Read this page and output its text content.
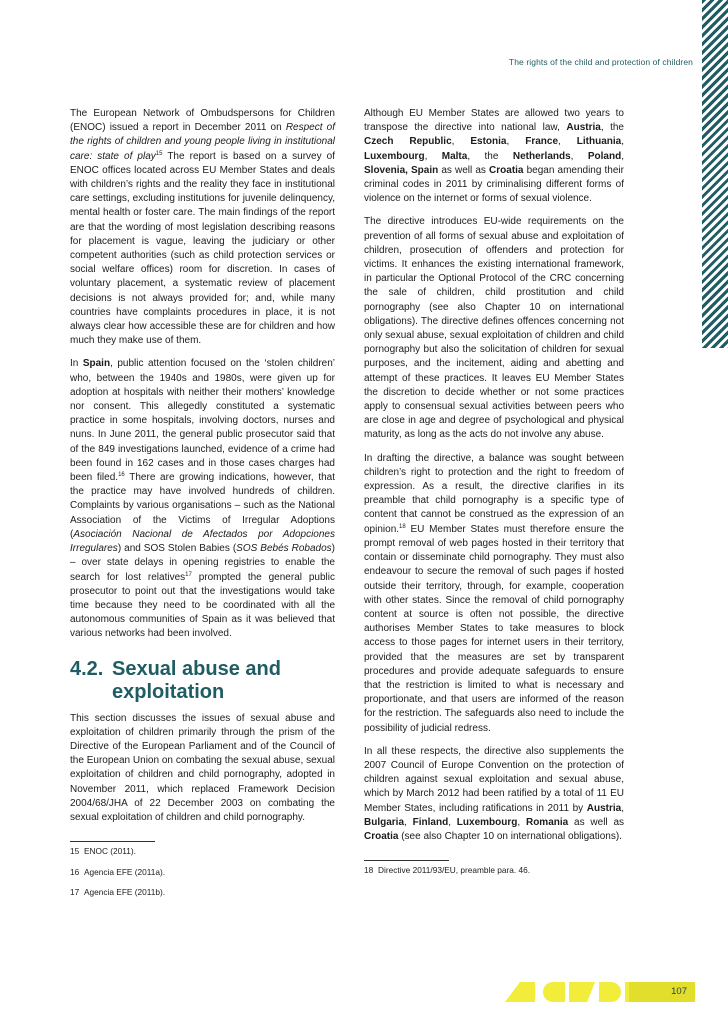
The rights of the child and protection of children

The European Network of Ombudspersons for Children (ENOC) issued a report in December 2011 on Respect of the rights of children and young people living in institutional care: state of play$^{15}$ The report is based on a survey of ENOC offices located across EU Member States and deals with children’s rights and the reality they face in institutional care settings, excluding institutions for juvenile delinquency, mental health or foster care. The main findings of the report are that the wording of most legislation describing reasons for placement is vague, leaving the judiciary or other competent authorities (such as child protection services or social welfare offices) room for discretion. In cases of voluntary placement, a systematic review of placement decisions is not always provided for; and, while many countries have complaints procedures in place, it is not always clear how accessible these are for children and how much they make use of them.

In Spain, public attention focused on the ‘stolen children’ who, between the 1940s and 1980s, were given up for adoption at hospitals with neither their mothers’ knowledge nor consent. This allegedly constituted a systematic practice in some hospitals, involving doctors, nurses and nuns. In June 2011, the general public prosecutor said that of the 849 investigations launched, evidence of a crime had been found in 162 cases and in those cases charges had been filed.$^{16}$ There are growing indications, however, that the practice may have involved hundreds of children. Complaints by various organisations – such as the National Association of the Victims of Irregular Adoptions (Asociación Nacional de Afectados por Adopciones Irregulares) and SOS Stolen Babies (SOS Bebés Robados) – over state delays in opening registries to enable the search for lost relatives$^{17}$ prompted the general public prosecutor to point out that the investigations would take time because they need to be coordinated with all the autonomous communities of Spain as it was believed that various networks had been involved.

4.2. Sexual abuse and
exploitation

This section discusses the issues of sexual abuse and exploitation of children primarily through the prism of the Directive of the European Parliament and of the Council of the European Union on combating the sexual abuse, sexual exploitation of children and child pornography, adopted in November 2011, which replaced Framework Decision 2004/68/JHA of 22 December 2003 on combating the sexual exploitation of children and child pornography.

15 ENOC (2011).

16 Agencia EFE (2011a).

17 Agencia EFE (2011b).

Although EU Member States are allowed two years to transpose the directive into national law, Austria, the Czech Republic, Estonia, France, Lithuania, Luxembourg, Malta, the Netherlands, Poland, Slovenia, Spain as well as Croatia began amending their criminal codes in 2011 by criminalising different forms of violence on the internet or forms of sexual violence.

The directive introduces EU-wide requirements on the prevention of all forms of sexual abuse and exploitation of children, prosecution of offenders and protection for victims. It enhances the existing international framework, in particular the Optional Protocol of the CRC concerning the sale of children, child prostitution and child pornography (see also Chapter 10 on international obligations). The directive defines offences concerning not only sexual abuse, sexual exploitation of children and child pornography but also the solicitation of children for sexual purposes, and the incitement, aiding and abetting and attempt of these practices. It leaves EU Member States the discretion to decide whether or not some practices apply to consensual sexual activities between peers who are close in age and degree of psychological and physical maturity, as long as the acts do not involve any abuse.

In drafting the directive, a balance was sought between children’s right to protection and the right to freedom of expression. As a result, the directive clarifies in its preamble that child pornography is a specific type of content that cannot be construed as the expression of an opinion.$^{18}$ EU Member States must therefore ensure the prompt removal of web pages hosted in their territory that contain or disseminate child pornography. They must also endeavour to secure the removal of such pages if hosted outside their territory, through, for example, cooperation with other states. Since the removal of child pornography content at source is often not possible, the directive authorises Member States to take measures to block access to those pages for internet users in their territory, provided that the measures are set by transparent procedures and provide adequate safeguards to ensure that the restriction is limited to what is necessary and proportionate, and that users are informed of the reason for the restriction. The safeguards also need to include the possibility of judicial redress.

In all these respects, the directive also supplements the 2007 Council of Europe Convention on the protection of children against sexual exploitation and sexual abuse, which by March 2012 had been ratified by a total of 11 EU Member States, including ratifications in 2011 by Austria, Bulgaria, Finland, Luxembourg, Romania as well as Croatia (see also Chapter 10 on international obligations).

18 Directive 2011/93/EU, preamble para. 46.

107
